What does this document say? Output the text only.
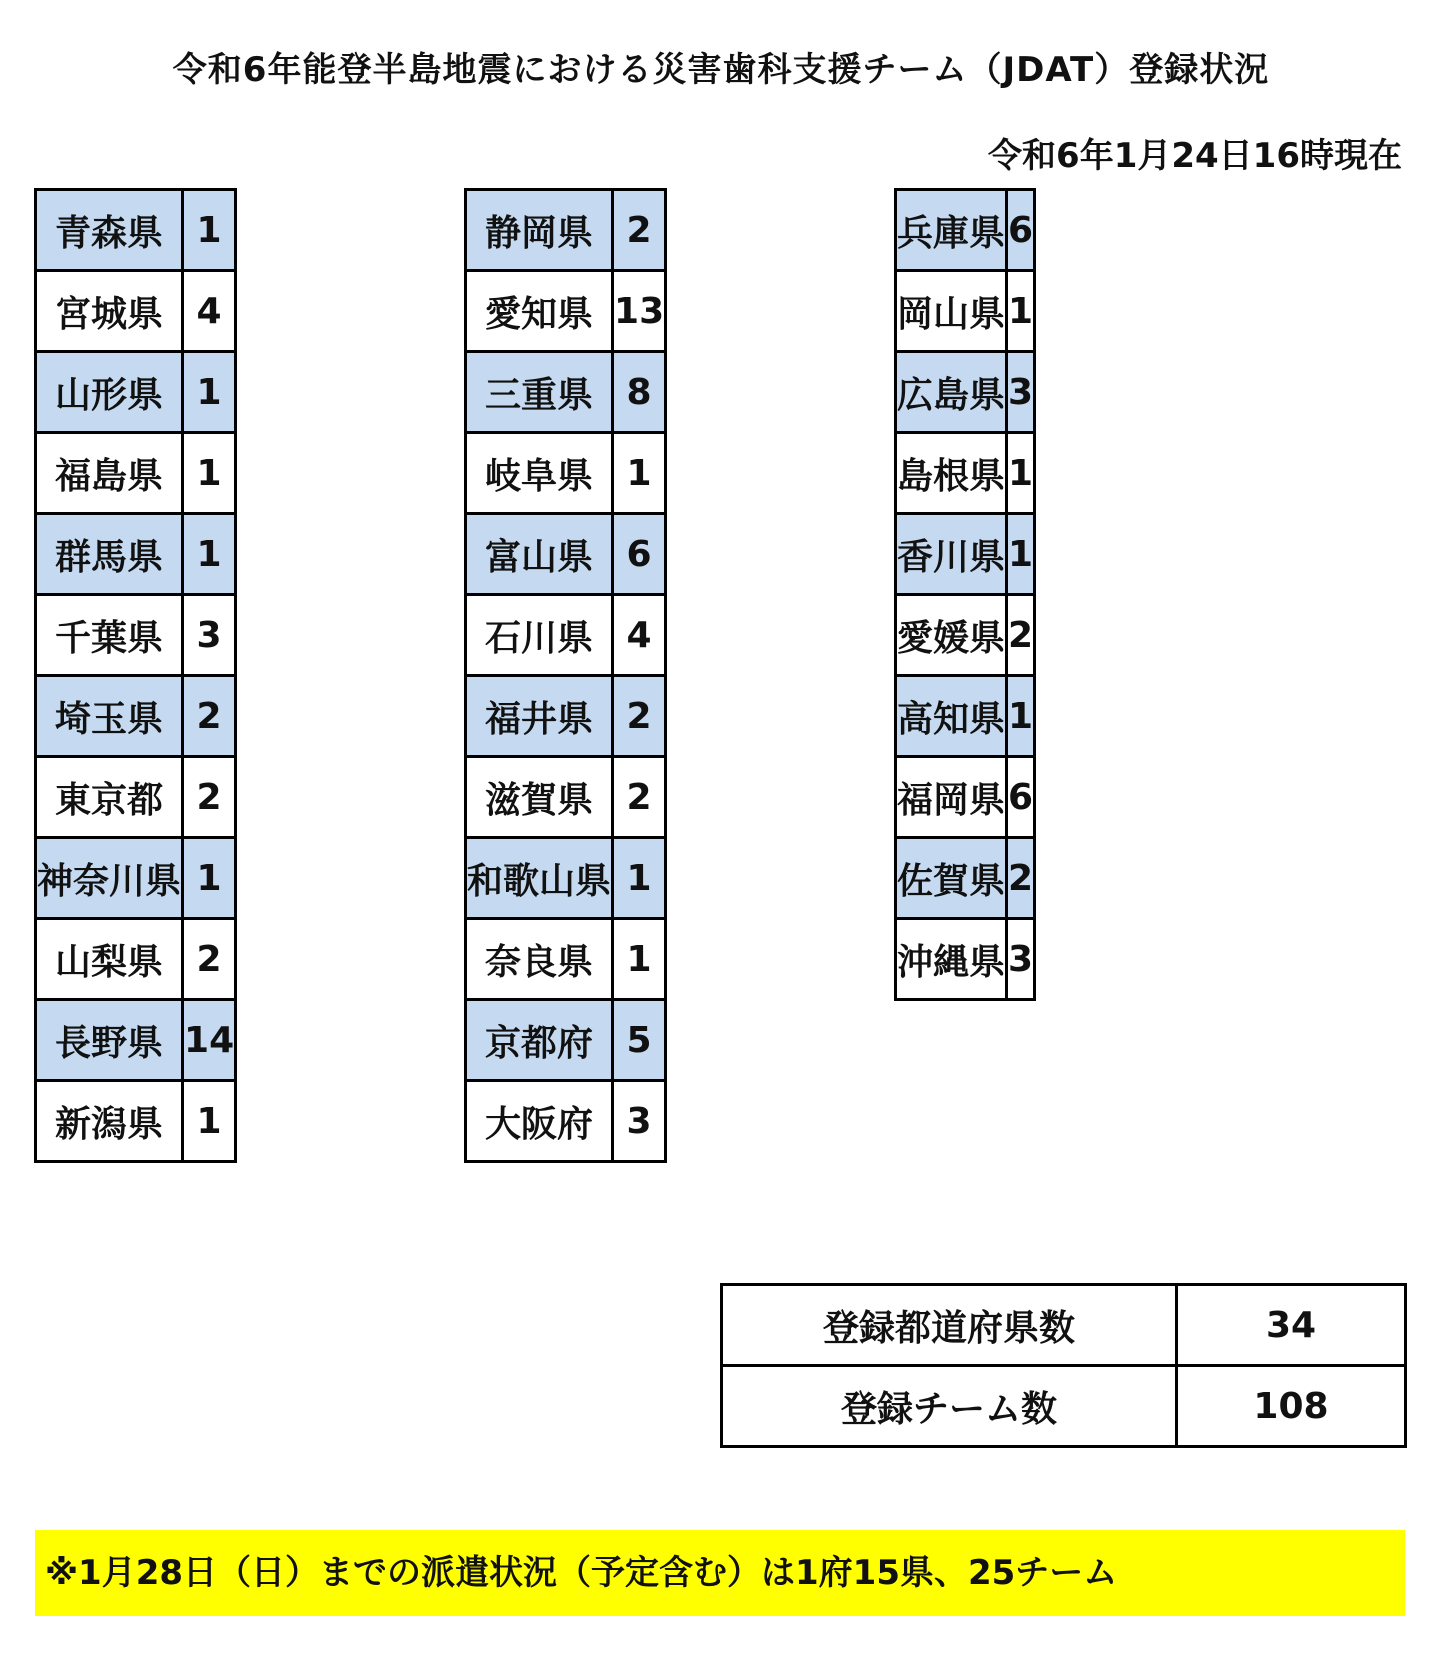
令和6年能登半島地震における災害歯科支援チーム（JDAT）登録状況
令和6年1月24日16時現在
青森県	1
宮城県	4
山形県	1
福島県	1
群馬県	1
千葉県	3
埼玉県	2
東京都	2
神奈川県	1
山梨県	2
長野県	14
新潟県	1
静岡県	2
愛知県	13
三重県	8
岐阜県	1
富山県	6
石川県	4
福井県	2
滋賀県	2
和歌山県	1
奈良県	1
京都府	5
大阪府	3
兵庫県	6
岡山県	1
広島県	3
島根県	1
香川県	1
愛媛県	2
高知県	1
福岡県	6
佐賀県	2
沖縄県	3
登録都道府県数	34
登録チーム数	108
※1月28日（日）までの派遣状況（予定含む）は1府15県、25チーム
